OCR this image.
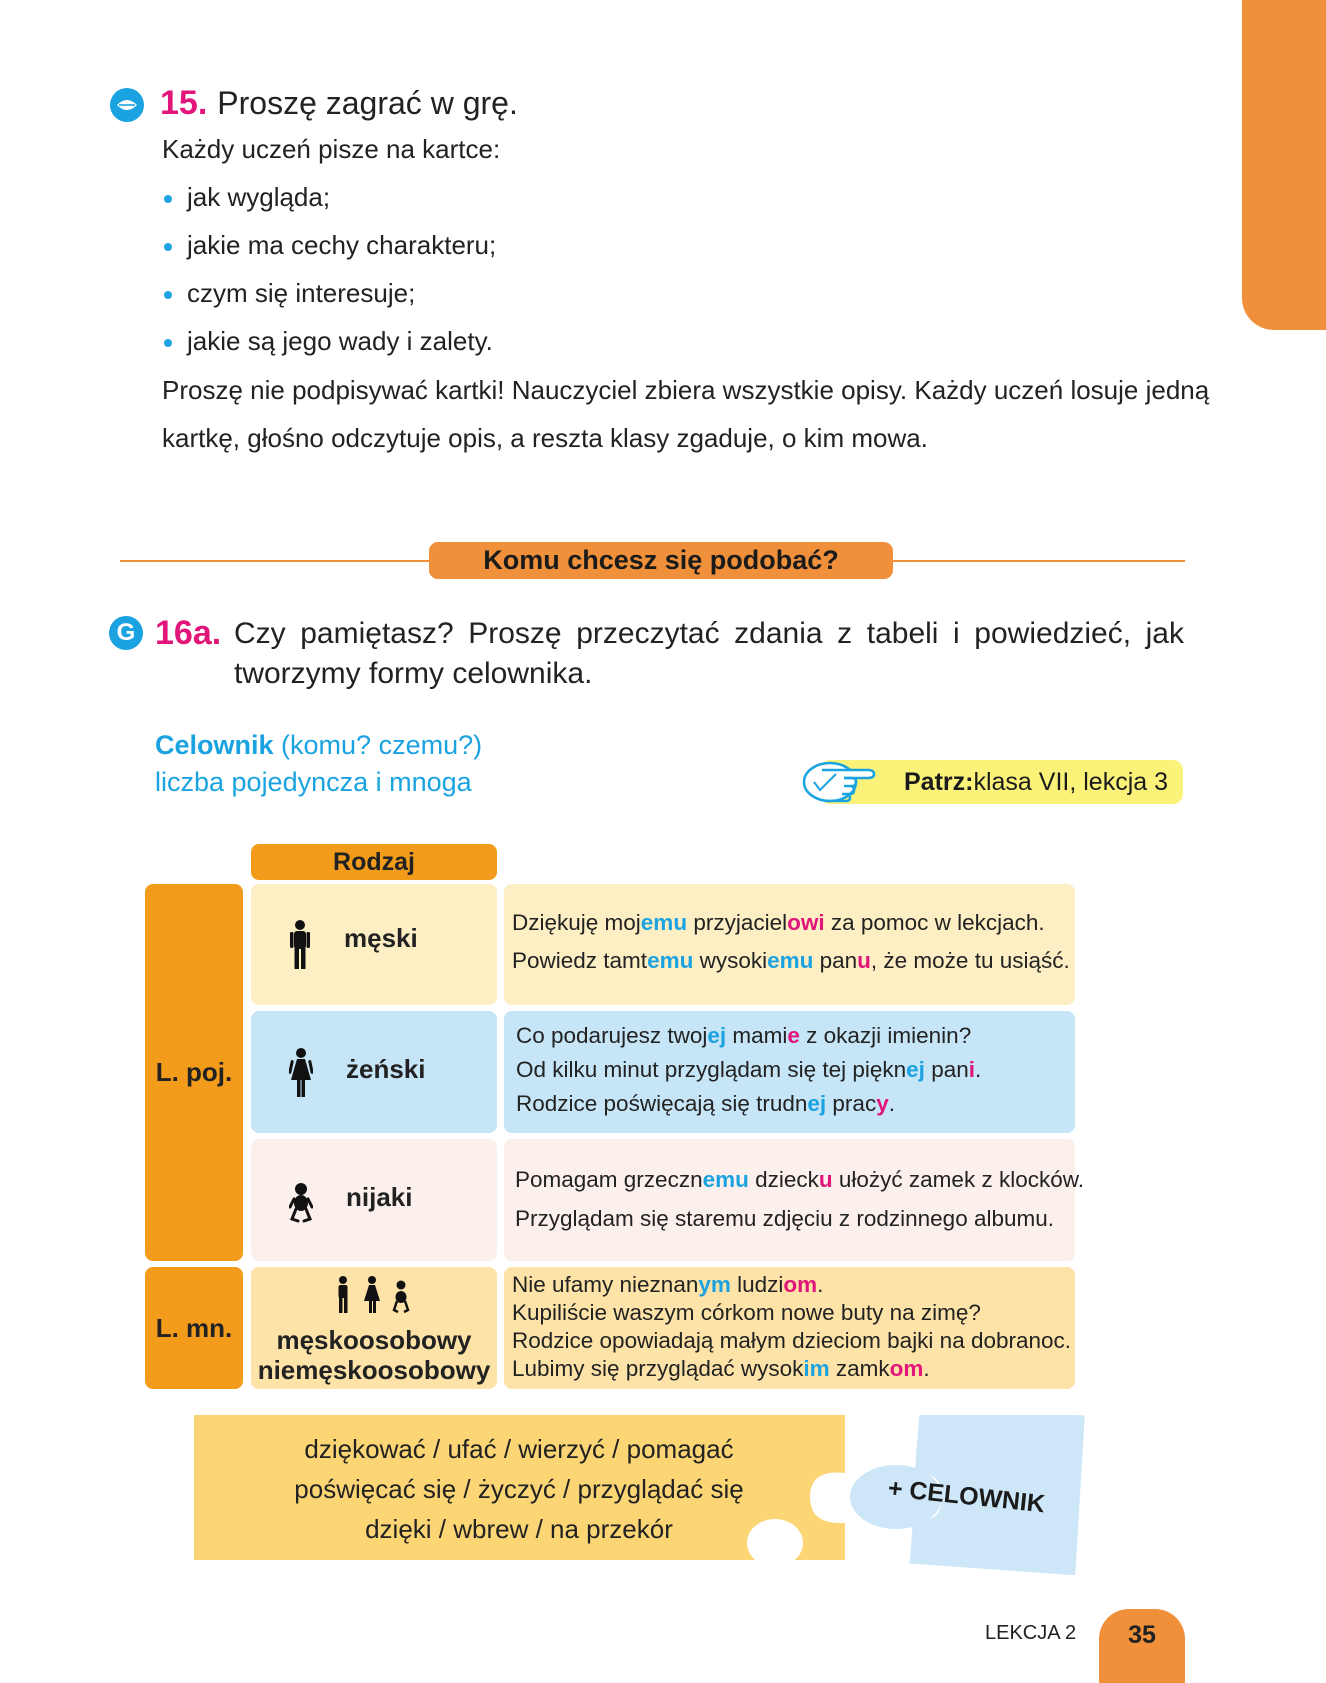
15. Proszę zagrać w grę.
Każdy uczeń pisze na kartce:
jak wygląda;
jakie ma cechy charakteru;
czym się interesuje;
jakie są jego wady i zalety.
Proszę nie podpisywać kartki! Nauczyciel zbiera wszystkie opisy. Każdy uczeń losuje jedną
kartkę, głośno odczytuje opis, a reszta klasy zgaduje, o kim mowa.
Komu chcesz się podobać?
G 16a. Czy pamiętasz? Proszę przeczytać zdania z tabeli i powiedzieć, jak
tworzymy formy celownika.
Celownik (komu? czemu?)
liczba pojedyncza i mnoga	Patrz: klasa VII, lekcja 3
Rodzaj
L. poj.
L. mn.
męski
Dziękuję mojemu przyjacielowi za pomoc w lekcjach.
Powiedz tamtemu wysokiemu panu, że może tu usiąść.
żeński
Co podarujesz twojej mamie z okazji imienin?
Od kilku minut przyglądam się tej pięknej pani.
Rodzice poświęcają się trudnej pracy.
nijaki
Pomagam grzecznemu dziecku ułożyć zamek z klocków.
Przyglądam się staremu zdjęciu z rodzinnego albumu.
męskoosobowy
niemęskoosobowy
Nie ufamy nieznanym ludziom.
Kupiliście waszym córkom nowe buty na zimę?
Rodzice opowiadają małym dzieciom bajki na dobranoc.
Lubimy się przyglądać wysokim zamkom.
dziękować / ufać / wierzyć / pomagać
poświęcać się / życzyć / przyglądać się
dzięki / wbrew / na przekór
+ CELOWNIK
LEKCJA 2	35
